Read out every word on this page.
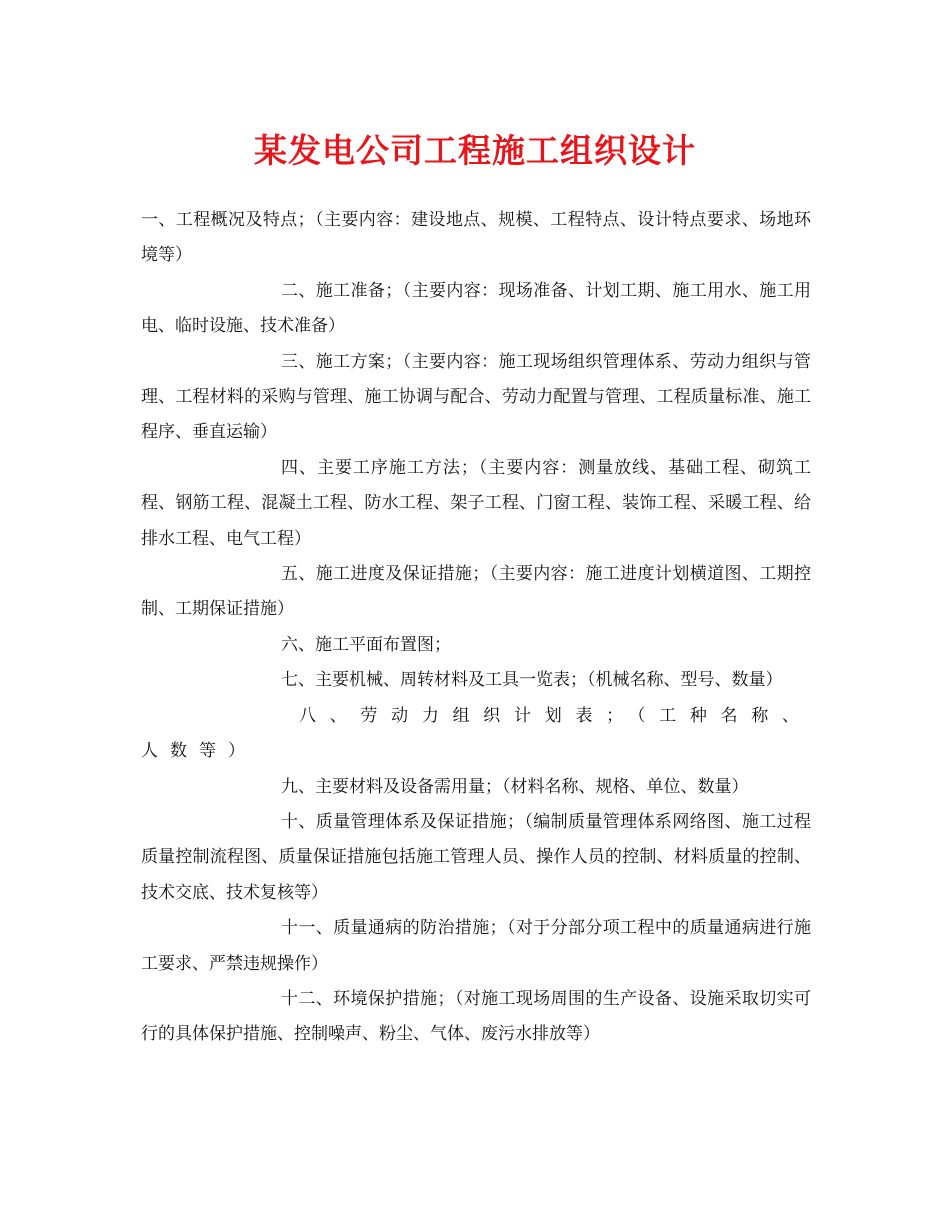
某发电公司工程施工组织设计

一、工程概况及特点；（主要内容：建设地点、规模、工程特点、设计特点要求、场地环境等）

二、施工准备；（主要内容：现场准备、计划工期、施工用水、施工用电、临时设施、技术准备）

三、施工方案；（主要内容：施工现场组织管理体系、劳动力组织与管理、工程材料的采购与管理、施工协调与配合、劳动力配置与管理、工程质量标准、施工程序、垂直运输）

四、主要工序施工方法；（主要内容：测量放线、基础工程、砌筑工程、钢筋工程、混凝土工程、防水工程、架子工程、门窗工程、装饰工程、采暖工程、给排水工程、电气工程）

五、施工进度及保证措施；（主要内容：施工进度计划横道图、工期控制、工期保证措施）

六、施工平面布置图；

七、主要机械、周转材料及工具一览表；（机械名称、型号、数量）

八、劳动力组织计划表；（工种名称、人数等）

九、主要材料及设备需用量；（材料名称、规格、单位、数量）

十、质量管理体系及保证措施；（编制质量管理体系网络图、施工过程质量控制流程图、质量保证措施包括施工管理人员、操作人员的控制、材料质量的控制、技术交底、技术复核等）

十一、质量通病的防治措施；（对于分部分项工程中的质量通病进行施工要求、严禁违规操作）

十二、环境保护措施；（对施工现场周围的生产设备、设施采取切实可行的具体保护措施、控制噪声、粉尘、气体、废污水排放等）
